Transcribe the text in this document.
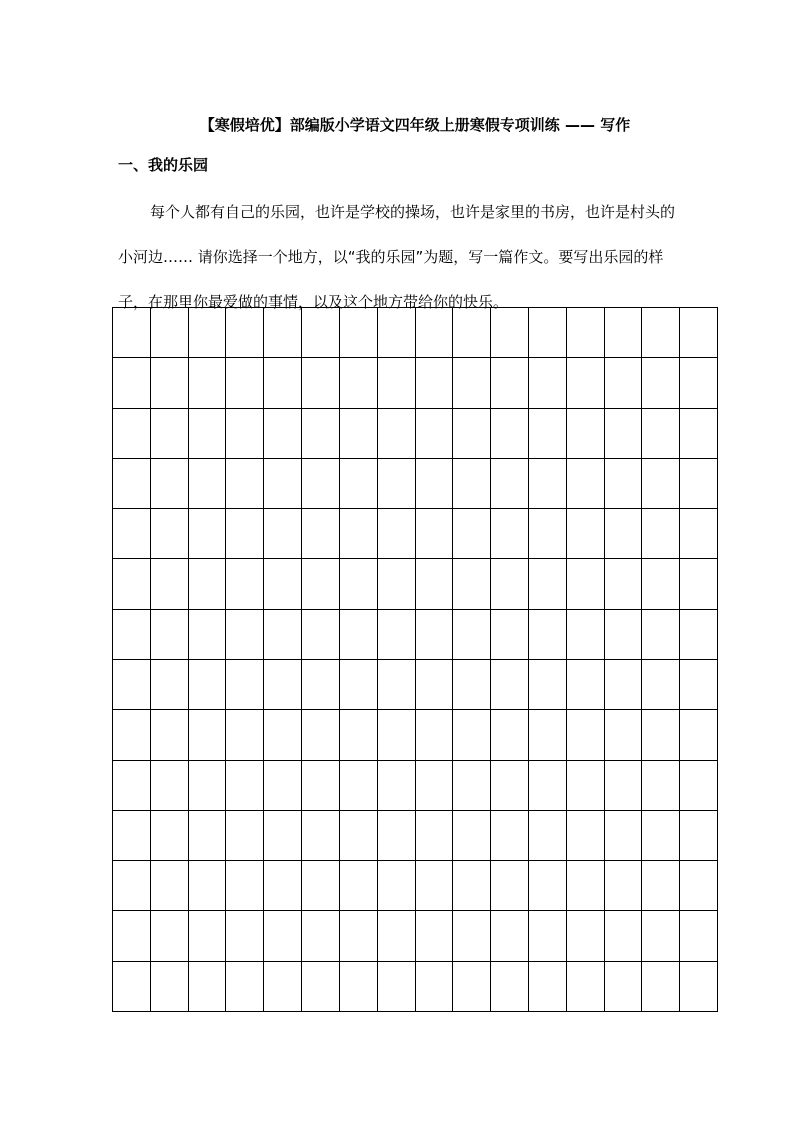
【寒假培优】部编版小学语文四年级上册寒假专项训练 —— 写作
一、我的乐园

每个人都有自己的乐园，也许是学校的操场，也许是家里的书房，也许是村头的小河边…… 请你选择一个地方，以“我的乐园”为题，写一篇作文。要写出乐园的样子，在那里你最爱做的事情，以及这个地方带给你的快乐。
